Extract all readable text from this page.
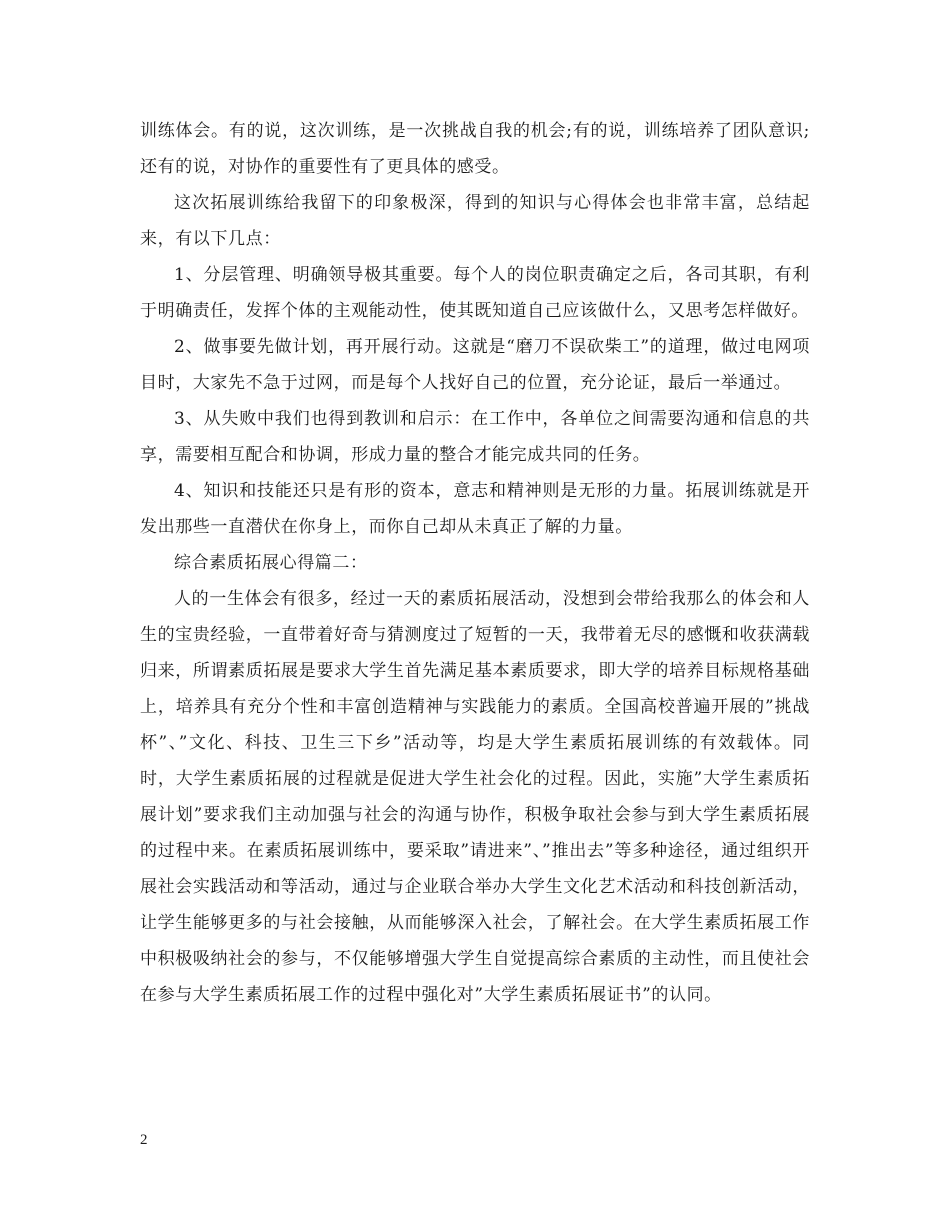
训练体会。有的说，这次训练，是一次挑战自我的机会;有的说，训练培养了团队意识;还有的说，对协作的重要性有了更具体的感受。

这次拓展训练给我留下的印象极深，得到的知识与心得体会也非常丰富，总结起来，有以下几点：

1、分层管理、明确领导极其重要。每个人的岗位职责确定之后，各司其职，有利于明确责任，发挥个体的主观能动性，使其既知道自己应该做什么，又思考怎样做好。

2、做事要先做计划，再开展行动。这就是“磨刀不误砍柴工”的道理，做过电网项目时，大家先不急于过网，而是每个人找好自己的位置，充分论证，最后一举通过。

3、从失败中我们也得到教训和启示：在工作中，各单位之间需要沟通和信息的共享，需要相互配合和协调，形成力量的整合才能完成共同的任务。

4、知识和技能还只是有形的资本，意志和精神则是无形的力量。拓展训练就是开发出那些一直潜伏在你身上，而你自己却从未真正了解的力量。

综合素质拓展心得篇二：

人的一生体会有很多，经过一天的素质拓展活动，没想到会带给我那么的体会和人生的宝贵经验，一直带着好奇与猜测度过了短暂的一天，我带着无尽的感慨和收获满载归来，所谓素质拓展是要求大学生首先满足基本素质要求，即大学的培养目标规格基础上，培养具有充分个性和丰富创造精神与实践能力的素质。全国高校普遍开展的”挑战杯”、”文化、科技、卫生三下乡”活动等，均是大学生素质拓展训练的有效载体。同时，大学生素质拓展的过程就是促进大学生社会化的过程。因此，实施”大学生素质拓展计划”要求我们主动加强与社会的沟通与协作，积极争取社会参与到大学生素质拓展的过程中来。在素质拓展训练中，要采取”请进来”、”推出去”等多种途径，通过组织开展社会实践活动和等活动，通过与企业联合举办大学生文化艺术活动和科技创新活动，让学生能够更多的与社会接触，从而能够深入社会，了解社会。在大学生素质拓展工作中积极吸纳社会的参与，不仅能够增强大学生自觉提高综合素质的主动性，而且使社会在参与大学生素质拓展工作的过程中强化对”大学生素质拓展证书”的认同。

2
